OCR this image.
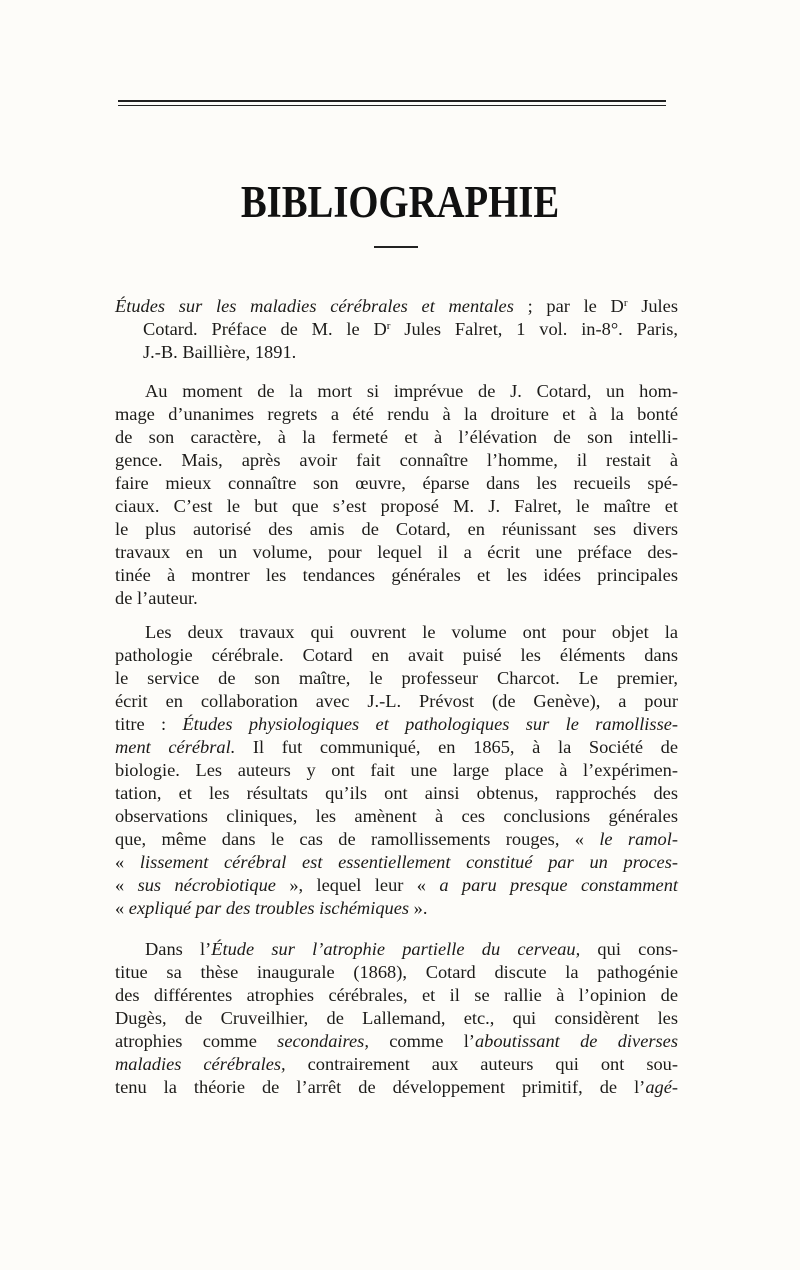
BIBLIOGRAPHIE
Études sur les maladies cérébrales et mentales ; par le $D^r$ Jules
Cotard. Préface de M. le $D^r$ Jules Falret, 1 vol. in-8°. Paris,
J.-B. Baillière, 1891.
Au moment de la mort si imprévue de J. Cotard, un hom-
mage d’unanimes regrets a été rendu à la droiture et à la bonté
de son caractère, à la fermeté et à l’élévation de son intelli-
gence. Mais, après avoir fait connaître l’homme, il restait à
faire mieux connaître son œuvre, éparse dans les recueils spé-
ciaux. C’est le but que s’est proposé M. J. Falret, le maître et
le plus autorisé des amis de Cotard, en réunissant ses divers
travaux en un volume, pour lequel il a écrit une préface des-
tinée à montrer les tendances générales et les idées principales
de l’auteur.
Les deux travaux qui ouvrent le volume ont pour objet la
pathologie cérébrale. Cotard en avait puisé les éléments dans
le service de son maître, le professeur Charcot. Le premier,
écrit en collaboration avec J.-L. Prévost (de Genève), a pour
titre : Études physiologiques et pathologiques sur le ramollisse-
ment cérébral. Il fut communiqué, en 1865, à la Société de
biologie. Les auteurs y ont fait une large place à l’expérimen-
tation, et les résultats qu’ils ont ainsi obtenus, rapprochés des
observations cliniques, les amènent à ces conclusions générales
que, même dans le cas de ramollissements rouges, « le ramol-
« lissement cérébral est essentiellement constitué par un proces-
« sus nécrobiotique », lequel leur « a paru presque constamment
« expliqué par des troubles ischémiques ».
Dans l’Étude sur l’atrophie partielle du cerveau, qui cons-
titue sa thèse inaugurale (1868), Cotard discute la pathogénie
des différentes atrophies cérébrales, et il se rallie à l’opinion de
Dugès, de Cruveilhier, de Lallemand, etc., qui considèrent les
atrophies comme secondaires, comme l’aboutissant de diverses
maladies cérébrales, contrairement aux auteurs qui ont sou-
tenu la théorie de l’arrêt de développement primitif, de l’agé-
